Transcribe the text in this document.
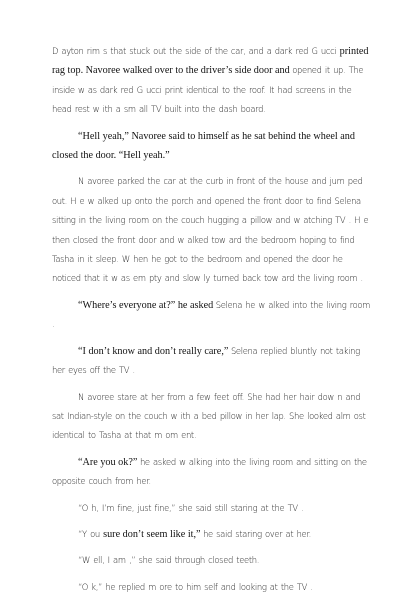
D ayton rim s that stuck out the side of the car, and a dark red G ucci printed rag top. Navoree walked over to the driver’s side door and opened it up. The inside w as dark red G ucci print identical to the roof. It had screens in the head rest w ith a sm all TV built into the dash board.

“Hell yeah,” Navoree said to himself as he sat behind the wheel and closed the door. “Hell yeah.”

N avoree parked the car at the curb in front of the house and jum ped out. H e w alked up onto the porch and opened the front door to find Selena sitting in the living room on the couch hugging a pillow and w atching TV . H e then closed the front door and w alked tow ard the bedroom hoping to find Tasha in it sleep. W hen he got to the bedroom and opened the door he noticed that it w as em pty and slow ly turned back tow ard the living room .

“Where’s everyone at?” he asked Selena he w alked into the living room .

“I don’t know and don’t really care,” Selena replied bluntly not taking her eyes off the TV .

N avoree stare at her from a few feet off. She had her hair dow n and sat Indian-style on the couch w ith a bed pillow in her lap. She looked alm ost identical to Tasha at that m om ent.

“Are you ok?” he asked w alking into the living room and sitting on the opposite couch from her.

“O h, I’m fine, just fine,” she said still staring at the TV .

“Y ou sure don’t seem like it,” he said staring over at her.

“W ell, I am ,” she said through closed teeth.

“O k,” he replied m ore to him self and looking at the TV .
